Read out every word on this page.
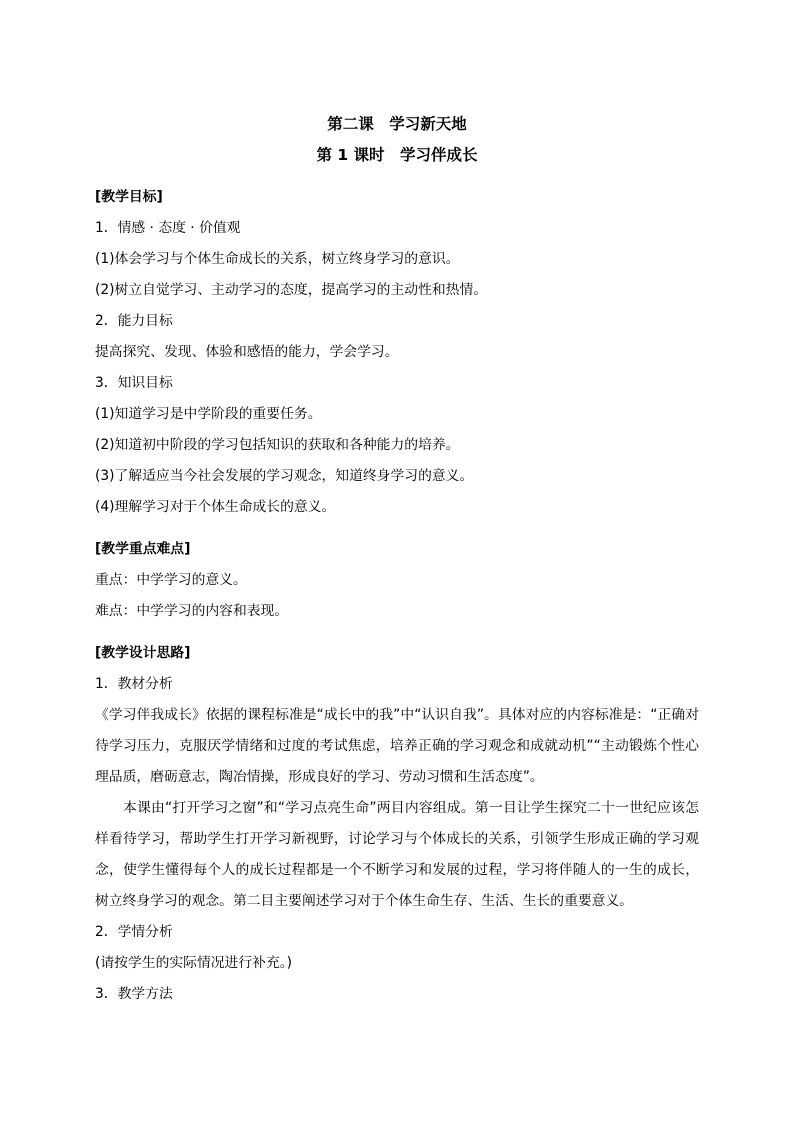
第二课　学习新天地
第 1 课时　学习伴成长
[教学目标]
1．情感 · 态度 · 价值观
(1)体会学习与个体生命成长的关系，树立终身学习的意识。
(2)树立自觉学习、主动学习的态度，提高学习的主动性和热情。
2．能力目标
提高探究、发现、体验和感悟的能力，学会学习。
3．知识目标
(1)知道学习是中学阶段的重要任务。
(2)知道初中阶段的学习包括知识的获取和各种能力的培养。
(3)了解适应当今社会发展的学习观念，知道终身学习的意义。
(4)理解学习对于个体生命成长的意义。
[教学重点难点]
重点：中学学习的意义。
难点：中学学习的内容和表现。
[教学设计思路]
1．教材分析
《学习伴我成长》依据的课程标准是“成长中的我”中“认识自我”。具体对应的内容标准是：“正确对待学习压力，克服厌学情绪和过度的考试焦虑，培养正确的学习观念和成就动机”“主动锻炼个性心理品质，磨砺意志，陶冶情操，形成良好的学习、劳动习惯和生活态度”。
本课由“打开学习之窗”和“学习点亮生命”两目内容组成。第一目让学生探究二十一世纪应该怎样看待学习，帮助学生打开学习新视野，讨论学习与个体成长的关系，引领学生形成正确的学习观念，使学生懂得每个人的成长过程都是一个不断学习和发展的过程，学习将伴随人的一生的成长，树立终身学习的观念。第二目主要阐述学习对于个体生命生存、生活、生长的重要意义。
2．学情分析
(请按学生的实际情况进行补充。)
3．教学方法
